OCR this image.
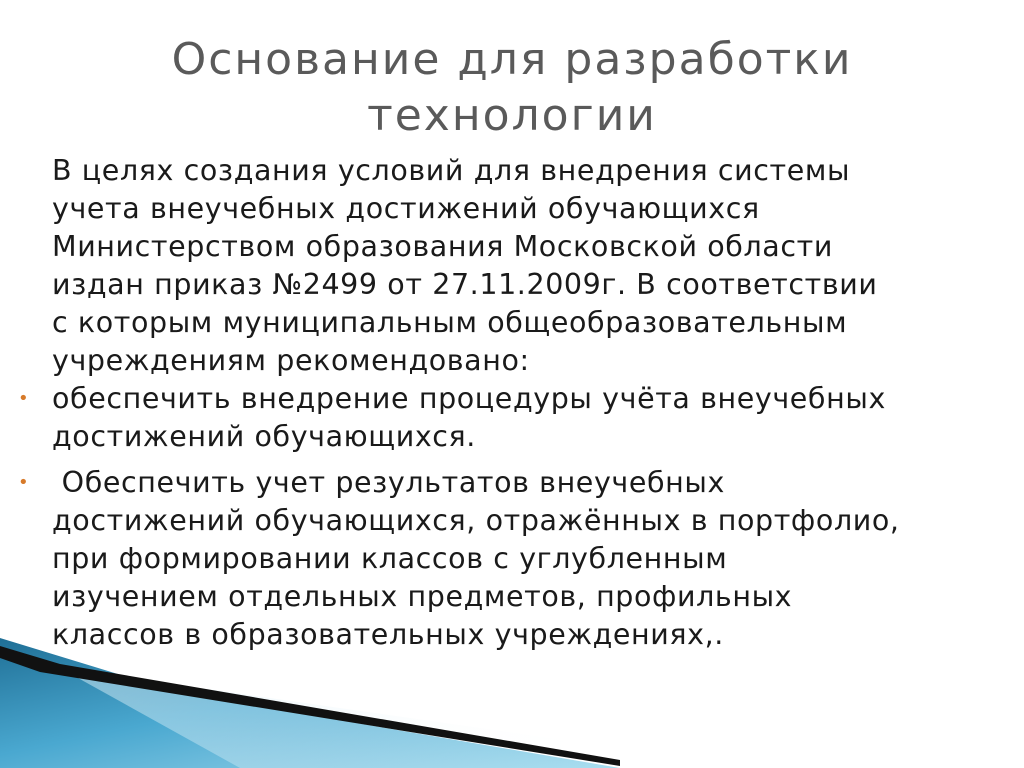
Основание для разработки
технологии

В целях создания условий для внедрения системы
учета внеучебных достижений обучающихся
Министерством образования Московской области
издан приказ №2499 от 27.11.2009г. В соответствии
с которым муниципальным общеобразовательным
учреждениям рекомендовано:

• обеспечить внедрение процедуры учёта внеучебных
достижений обучающихся.
• Обеспечить учет результатов внеучебных
достижений обучающихся, отражённых в портфолио,
при формировании классов с углубленным
изучением отдельных предметов, профильных
классов в образовательных учреждениях,.
